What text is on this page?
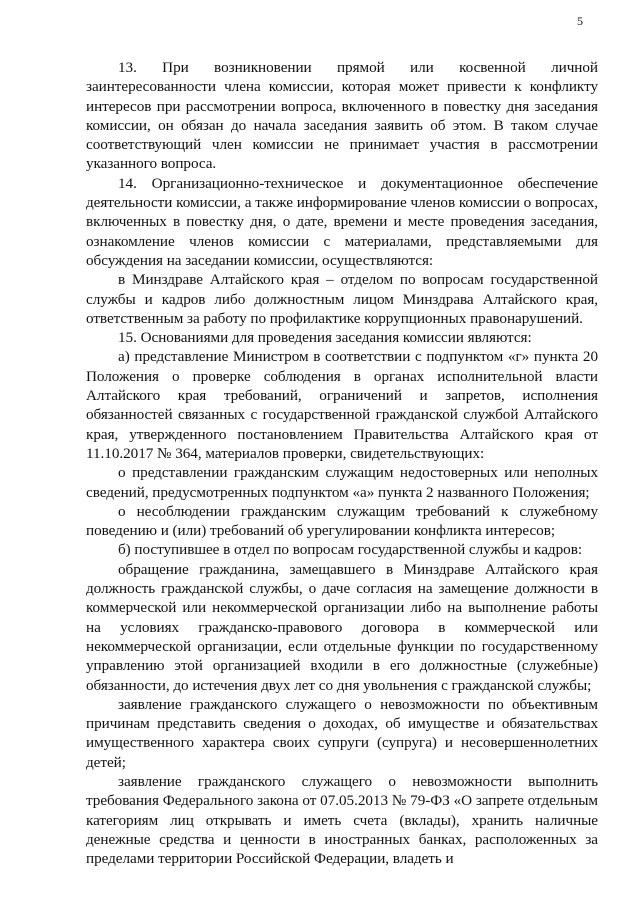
5

13. При возникновении прямой или косвенной личной заинтересованности члена комиссии, которая может привести к конфликту интересов при рассмотрении вопроса, включенного в повестку дня заседания комиссии, он обязан до начала заседания заявить об этом. В таком случае соответствующий член комиссии не принимает участия в рассмотрении указанного вопроса.

14. Организационно-техническое и документационное обеспечение деятельности комиссии, а также информирование членов комиссии о вопросах, включенных в повестку дня, о дате, времени и месте проведения заседания, ознакомление членов комиссии с материалами, представляемыми для обсуждения на заседании комиссии, осуществляются:

в Минздраве Алтайского края – отделом по вопросам государственной службы и кадров либо должностным лицом Минздрава Алтайского края, ответственным за работу по профилактике коррупционных правонарушений.

15. Основаниями для проведения заседания комиссии являются:

а) представление Министром в соответствии с подпунктом «г» пункта 20 Положения о проверке соблюдения в органах исполнительной власти Алтайского края требований, ограничений и запретов, исполнения обязанностей связанных с государственной гражданской службой Алтайского края, утвержденного постановлением Правительства Алтайского края от 11.10.2017 № 364, материалов проверки, свидетельствующих:

о представлении гражданским служащим недостоверных или неполных сведений, предусмотренных подпунктом «а» пункта 2 названного Положения;

о несоблюдении гражданским служащим требований к служебному поведению и (или) требований об урегулировании конфликта интересов;

б) поступившее в отдел по вопросам государственной службы и кадров:

обращение гражданина, замещавшего в Минздраве Алтайского края должность гражданской службы, о даче согласия на замещение должности в коммерческой или некоммерческой организации либо на выполнение работы на условиях гражданско-правового договора в коммерческой или некоммерческой организации, если отдельные функции по государственному управлению этой организацией входили в его должностные (служебные) обязанности, до истечения двух лет со дня увольнения с гражданской службы;

заявление гражданского служащего о невозможности по объективным причинам представить сведения о доходах, об имуществе и обязательствах имущественного характера своих супруги (супруга) и несовершеннолетних детей;

заявление гражданского служащего о невозможности выполнить требования Федерального закона от 07.05.2013 № 79-ФЗ «О запрете отдельным категориям лиц открывать и иметь счета (вклады), хранить наличные денежные средства и ценности в иностранных банках, расположенных за пределами территории Российской Федерации, владеть и
